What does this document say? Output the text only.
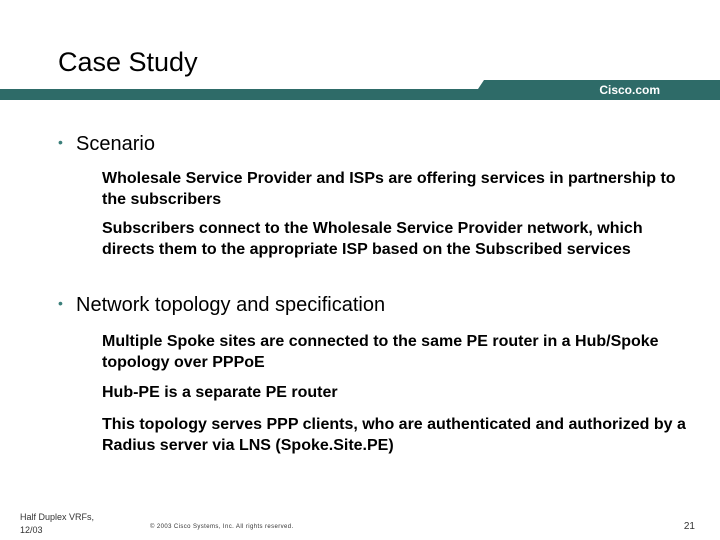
Case Study
Cisco.com
• Scenario
Wholesale Service Provider and ISPs are offering services in partnership to the subscribers
Subscribers connect to the Wholesale Service Provider network, which directs them to the appropriate ISP based on the Subscribed services
• Network topology and specification
Multiple Spoke sites are connected to the same PE router in a Hub/Spoke topology over PPPoE
Hub-PE is a separate PE router
This topology serves PPP clients, who are authenticated and authorized by a Radius server via LNS (Spoke.Site.PE)
Half Duplex VRFs,
12/03	© 2003 Cisco Systems, Inc. All rights reserved.	21
